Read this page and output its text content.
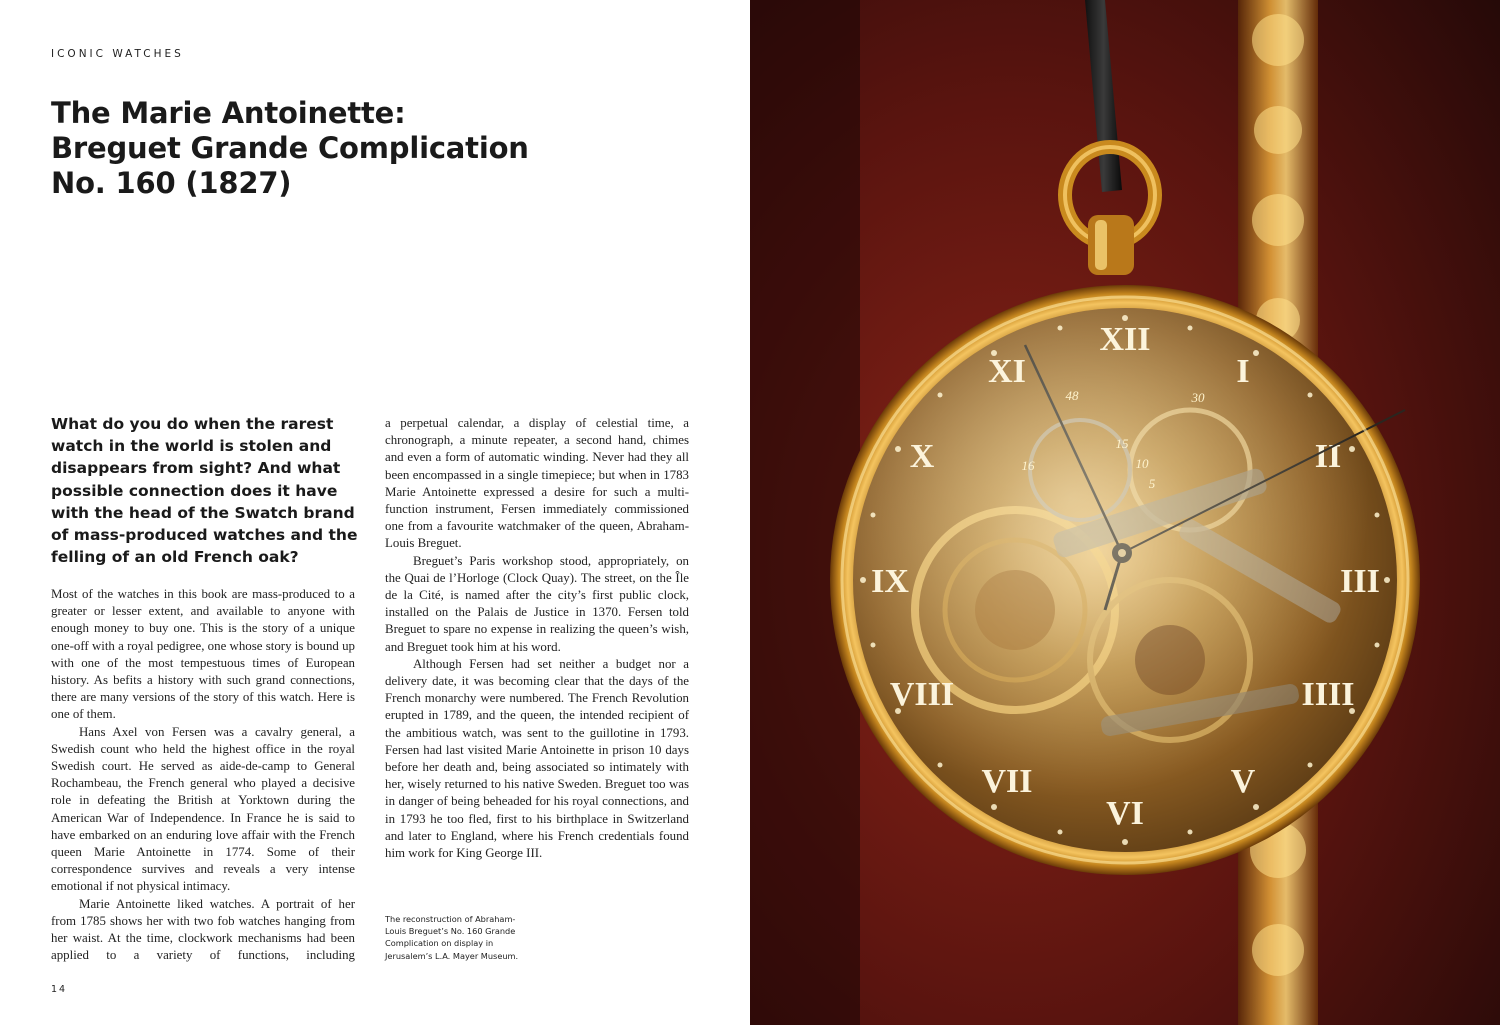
ICONIC WATCHES
The Marie Antoinette:
Breguet Grande Complication
No. 160 (1827)
What do you do when the rarest
watch in the world is stolen and
disappears from sight? And what
possible connection does it have
with the head of the Swatch brand
of mass-produced watches and the
felling of an old French oak?

Most of the watches in this book are mass-produced to a greater or lesser extent, and available to anyone with enough money to buy one. This is the story of a unique one-off with a royal pedigree, one whose story is bound up with one of the most tempestuous times of European history. As befits a history with such grand connections, there are many versions of the story of this watch. Here is one of them.

Hans Axel von Fersen was a cavalry general, a Swedish count who held the highest office in the royal Swedish court. He served as aide-de-camp to General Rochambeau, the French general who played a decisive role in defeating the British at Yorktown during the American War of Independence. In France he is said to have embarked on an enduring love affair with the French queen Marie Antoinette in 1774. Some of their correspondence survives and reveals a very intense emotional if not physical intimacy.

Marie Antoinette liked watches. A portrait of her from 1785 shows her with two fob watches hanging from her waist. At the time, clockwork mechanisms had been applied to a variety of functions, including

a perpetual calendar, a display of celestial time, a chronograph, a minute repeater, a second hand, chimes and even a form of automatic winding. Never had they all been encompassed in a single timepiece; but when in 1783 Marie Antoinette expressed a desire for such a multi-function instrument, Fersen immediately commissioned one from a favourite watchmaker of the queen, Abraham-Louis Breguet.

Breguet’s Paris workshop stood, appropriately, on the Quai de l’Horloge (Clock Quay). The street, on the Île de la Cité, is named after the city’s first public clock, installed on the Palais de Justice in 1370. Fersen told Breguet to spare no expense in realizing the queen’s wish, and Breguet took him at his word.

Although Fersen had set neither a budget nor a delivery date, it was becoming clear that the days of the French monarchy were numbered. The French Revolution erupted in 1789, and the queen, the intended recipient of the ambitious watch, was sent to the guillotine in 1793. Fersen had last visited Marie Antoinette in prison 10 days before her death and, being associated so intimately with her, wisely returned to his native Sweden. Breguet too was in danger of being beheaded for his royal connections, and in 1793 he too fled, first to his birthplace in Switzerland and later to England, where his French credentials found him work for King George III.

The reconstruction of Abraham-
Louis Breguet’s No. 160 Grande
Complication on display in
Jerusalem’s L.A. Mayer Museum.
14
